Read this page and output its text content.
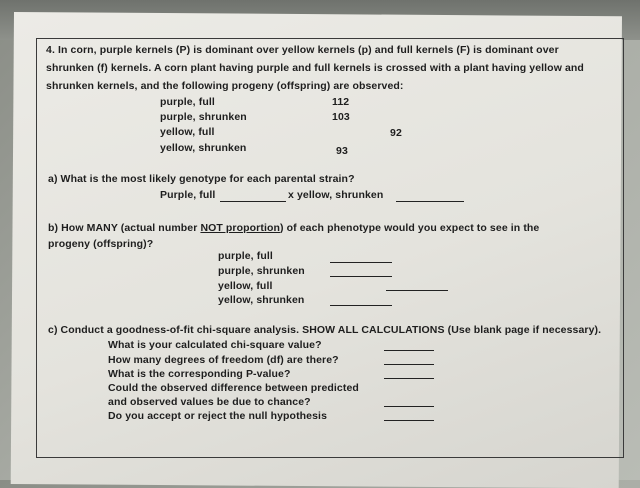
4. In corn, purple kernels (P) is dominant over yellow kernels (p) and full kernels (F) is dominant over
shrunken (f) kernels. A corn plant having purple and full kernels is crossed with a plant having yellow and
shrunken kernels, and the following progeny (offspring) are observed:
purple, full	112
purple, shrunken	103
yellow, full	92
yellow, shrunken	93
a) What is the most likely genotype for each parental strain?
Purple, full	x yellow, shrunken
b) How MANY (actual number NOT proportion) of each phenotype would you expect to see in the
progeny (offspring)?
purple, full
purple, shrunken
yellow, full
yellow, shrunken
c) Conduct a goodness-of-fit chi-square analysis. SHOW ALL CALCULATIONS (Use blank page if necessary).
What is your calculated chi-square value?
How many degrees of freedom (df) are there?
What is the corresponding P-value?
Could the observed difference between predicted
and observed values be due to chance?
Do you accept or reject the null hypothesis
